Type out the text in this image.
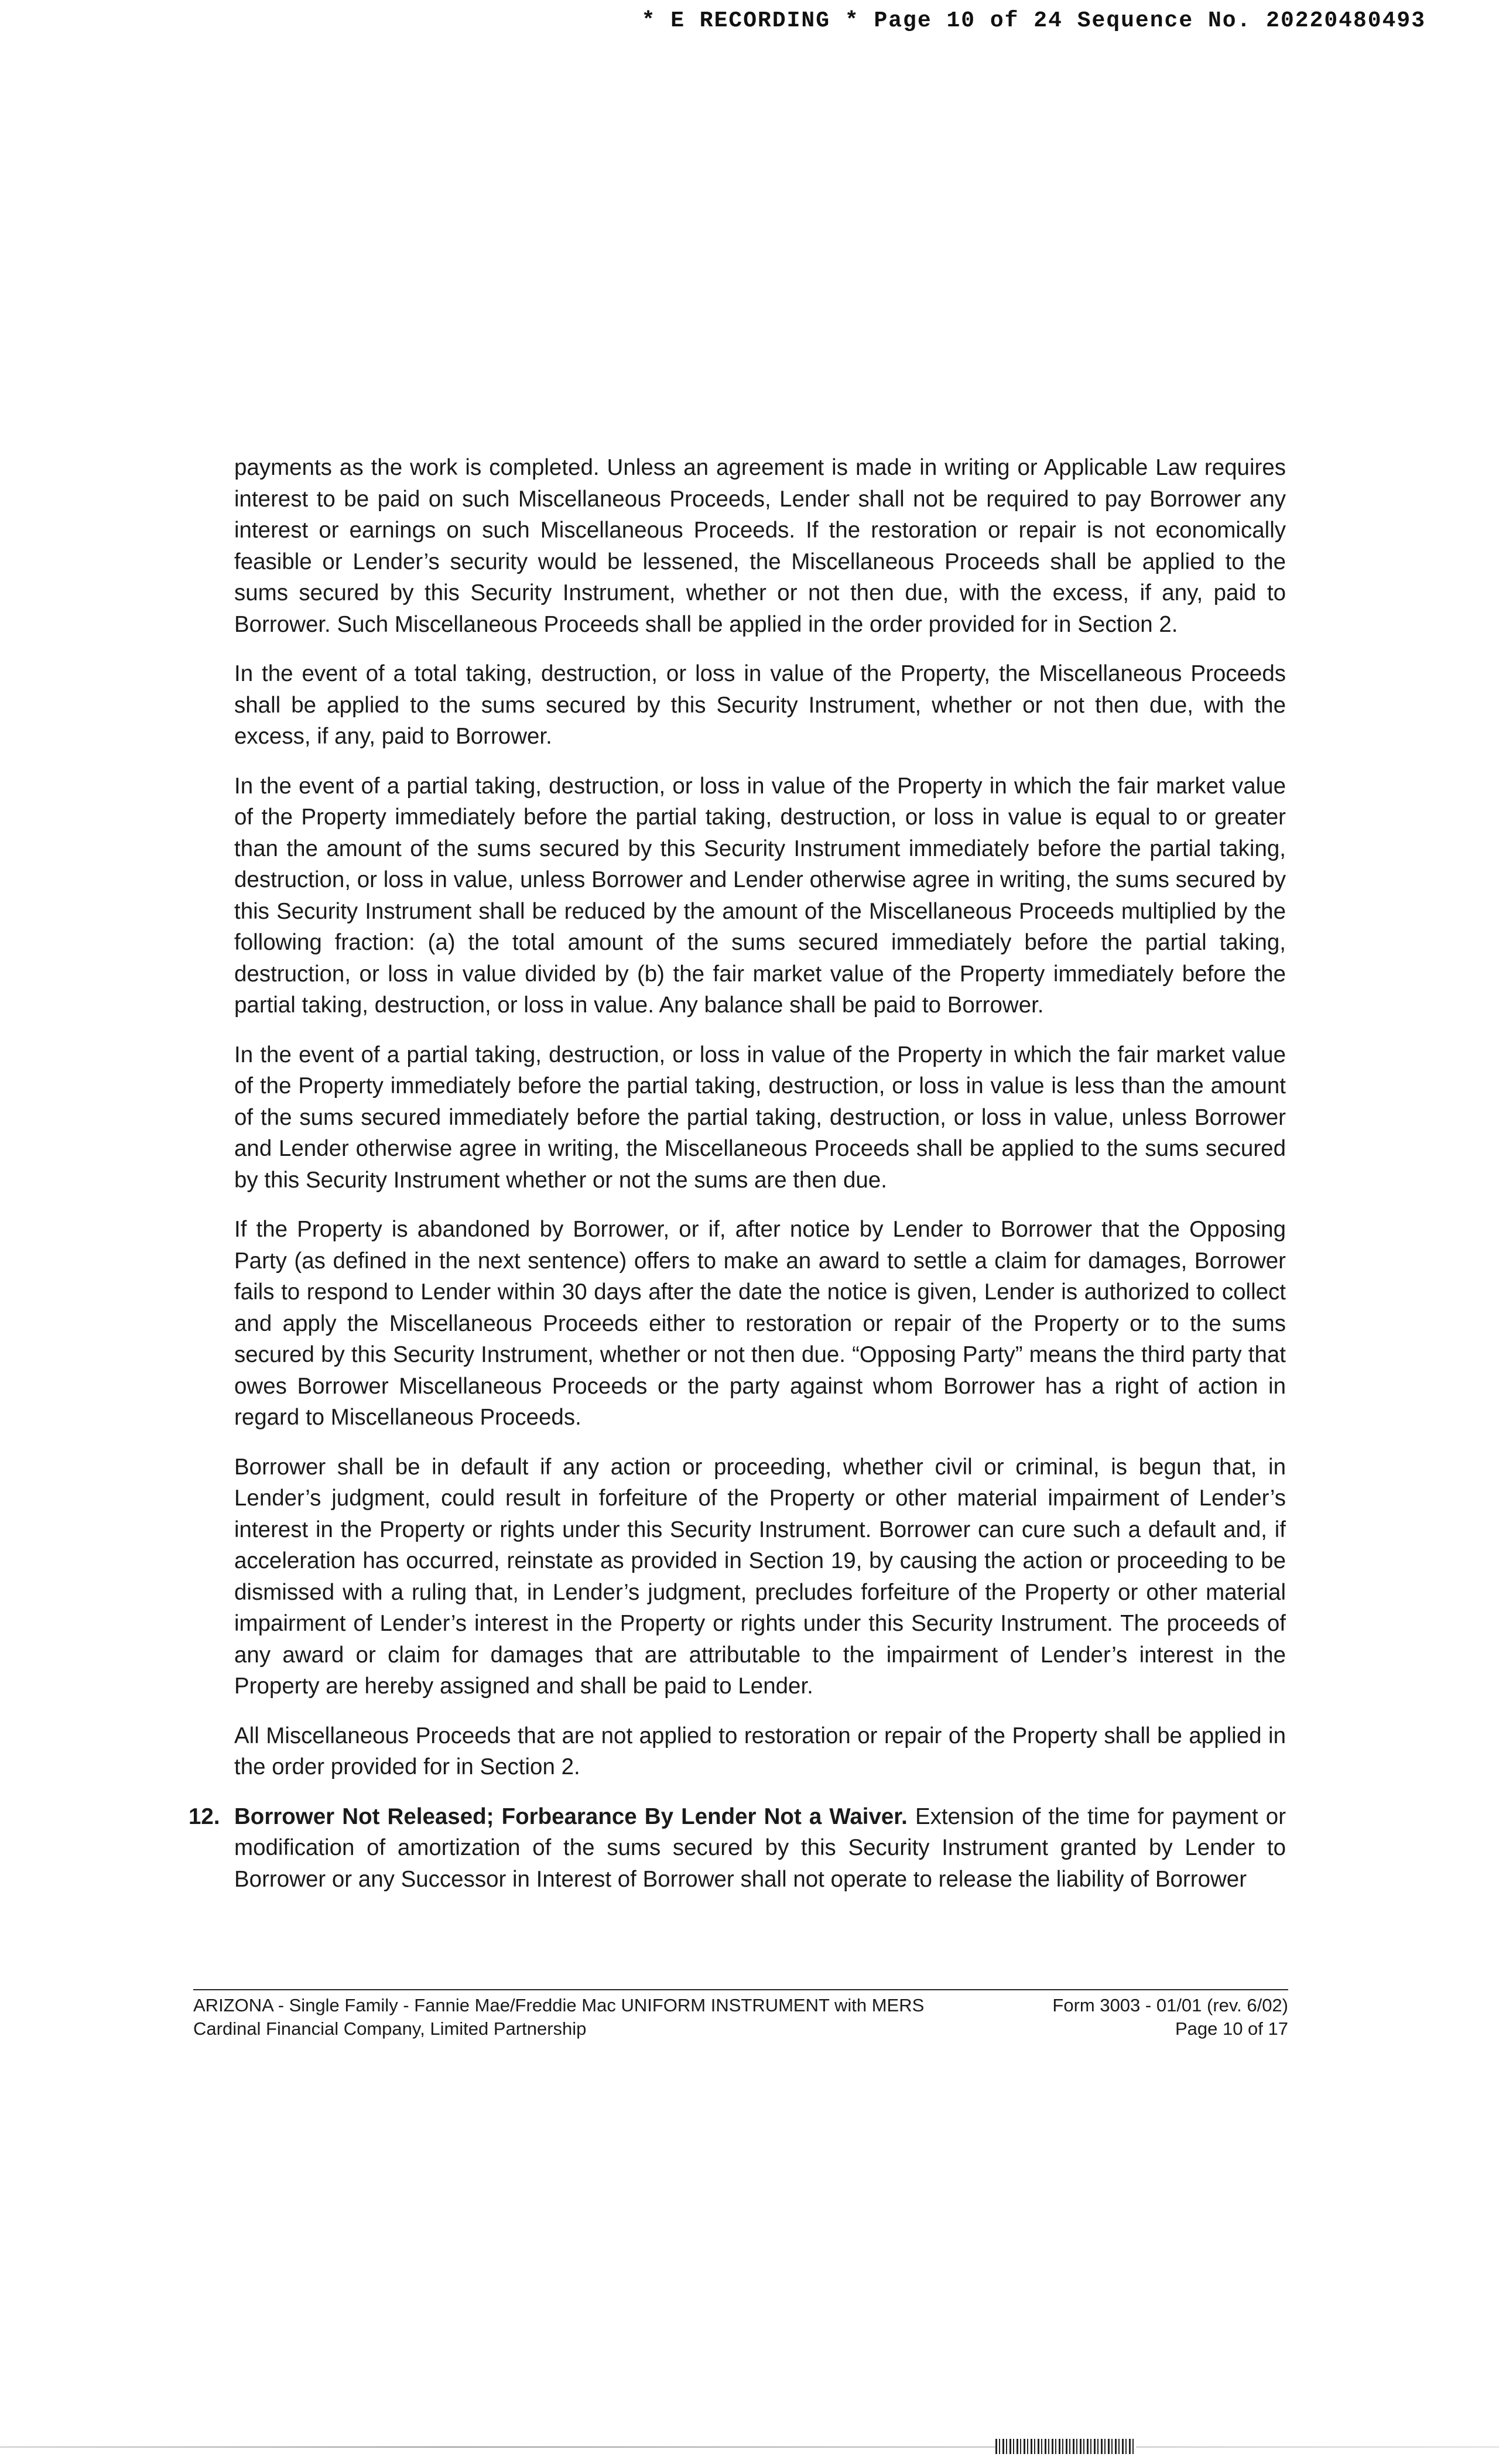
* E RECORDING * Page 10 of 24 Sequence No. 20220480493

payments as the work is completed. Unless an agreement is made in writing or Applicable Law requires interest to be paid on such Miscellaneous Proceeds, Lender shall not be required to pay Borrower any interest or earnings on such Miscellaneous Proceeds. If the restoration or repair is not economically feasible or Lender’s security would be lessened, the Miscellaneous Proceeds shall be applied to the sums secured by this Security Instrument, whether or not then due, with the excess, if any, paid to Borrower. Such Miscellaneous Proceeds shall be applied in the order provided for in Section 2.

In the event of a total taking, destruction, or loss in value of the Property, the Miscellaneous Proceeds shall be applied to the sums secured by this Security Instrument, whether or not then due, with the excess, if any, paid to Borrower.

In the event of a partial taking, destruction, or loss in value of the Property in which the fair market value of the Property immediately before the partial taking, destruction, or loss in value is equal to or greater than the amount of the sums secured by this Security Instrument immediately before the partial taking, destruction, or loss in value, unless Borrower and Lender otherwise agree in writing, the sums secured by this Security Instrument shall be reduced by the amount of the Miscellaneous Proceeds multiplied by the following fraction: (a) the total amount of the sums secured immediately before the partial taking, destruction, or loss in value divided by (b) the fair market value of the Property immediately before the partial taking, destruction, or loss in value. Any balance shall be paid to Borrower.

In the event of a partial taking, destruction, or loss in value of the Property in which the fair market value of the Property immediately before the partial taking, destruction, or loss in value is less than the amount of the sums secured immediately before the partial taking, destruction, or loss in value, unless Borrower and Lender otherwise agree in writing, the Miscellaneous Proceeds shall be applied to the sums secured by this Security Instrument whether or not the sums are then due.

If the Property is abandoned by Borrower, or if, after notice by Lender to Borrower that the Opposing Party (as defined in the next sentence) offers to make an award to settle a claim for damages, Borrower fails to respond to Lender within 30 days after the date the notice is given, Lender is authorized to collect and apply the Miscellaneous Proceeds either to restoration or repair of the Property or to the sums secured by this Security Instrument, whether or not then due. “Opposing Party” means the third party that owes Borrower Miscellaneous Proceeds or the party against whom Borrower has a right of action in regard to Miscellaneous Proceeds.

Borrower shall be in default if any action or proceeding, whether civil or criminal, is begun that, in Lender’s judgment, could result in forfeiture of the Property or other material impairment of Lender’s interest in the Property or rights under this Security Instrument. Borrower can cure such a default and, if acceleration has occurred, reinstate as provided in Section 19, by causing the action or proceeding to be dismissed with a ruling that, in Lender’s judgment, precludes forfeiture of the Property or other material impairment of Lender’s interest in the Property or rights under this Security Instrument. The proceeds of any award or claim for damages that are attributable to the impairment of Lender’s interest in the Property are hereby assigned and shall be paid to Lender.

All Miscellaneous Proceeds that are not applied to restoration or repair of the Property shall be applied in the order provided for in Section 2.

12. Borrower Not Released; Forbearance By Lender Not a Waiver. Extension of the time for payment or modification of amortization of the sums secured by this Security Instrument granted by Lender to Borrower or any Successor in Interest of Borrower shall not operate to release the liability of Borrower

ARIZONA - Single Family - Fannie Mae/Freddie Mac UNIFORM INSTRUMENT with MERS	Form 3003 - 01/01 (rev. 6/02)
Cardinal Financial Company, Limited Partnership	Page 10 of 17
